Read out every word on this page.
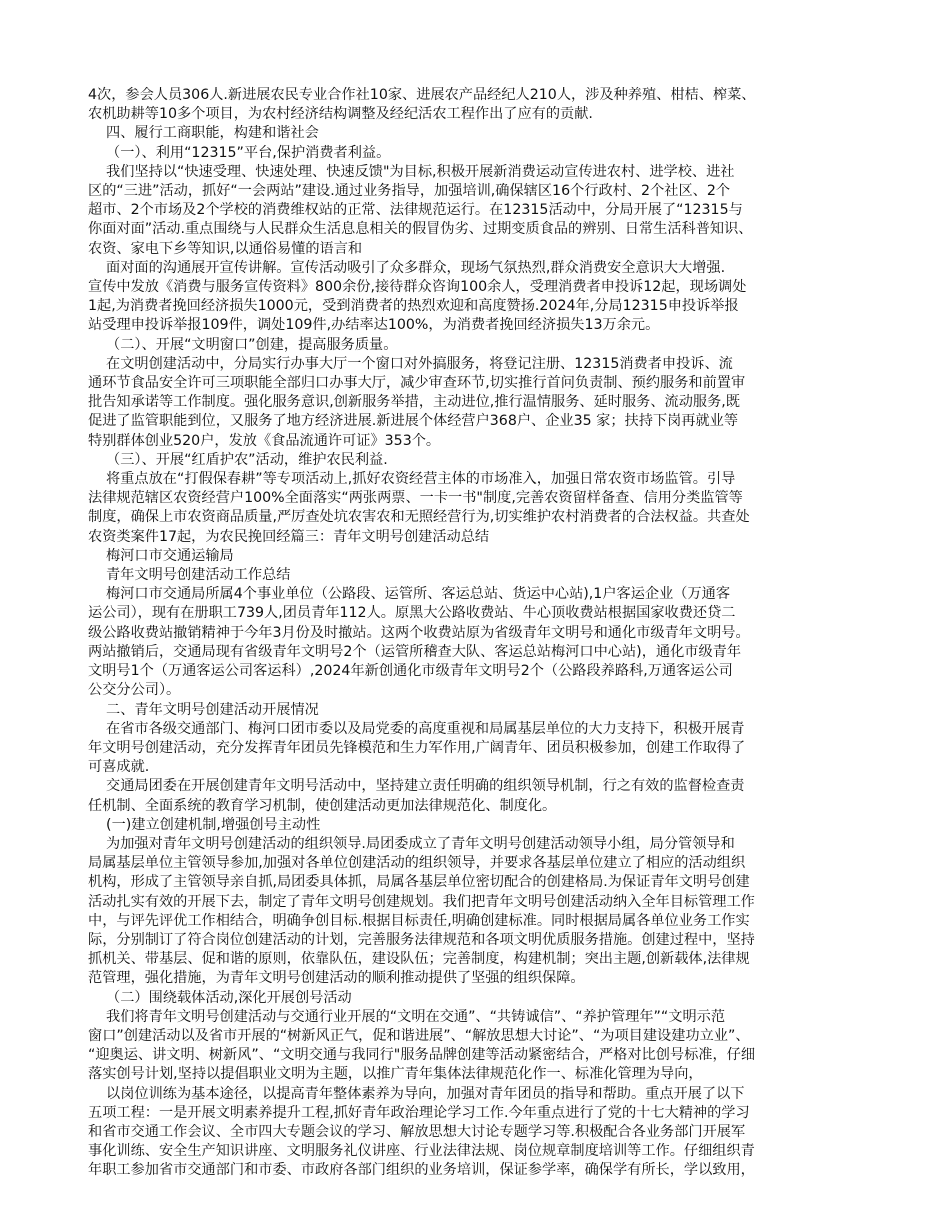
4次，参会人员306人.新进展农民专业合作社10家、进展农产品经纪人210人，涉及种养殖、柑桔、榨菜、

农机助耕等10多个项目，为农村经济结构调整及经纪活农工程作出了应有的贡献.

四、履行工商职能，构建和谐社会

（一）、利用“12315”平台,保护消费者利益。

我们坚持以“快速受理、快速处理、快速反馈"为目标,积极开展新消费运动宣传进农村、进学校、进社

区的“三进”活动，抓好“一会两站”建设.通过业务指导，加强培训,确保辖区16个行政村、2个社区、2个

超市、2个市场及2个学校的消费维权站的正常、法律规范运行。在12315活动中，分局开展了“12315与

你面对面”活动.重点围绕与人民群众生活息息相关的假冒伪劣、过期变质食品的辨别、日常生活科普知识、

农资、家电下乡等知识,以通俗易懂的语言和

面对面的沟通展开宣传讲解。宣传活动吸引了众多群众，现场气氛热烈,群众消费安全意识大大增强.

宣传中发放《消费与服务宣传资料》800余份,接待群众咨询100余人，受理消费者申投诉12起，现场调处

1起,为消费者挽回经济损失1000元，受到消费者的热烈欢迎和高度赞扬.2024年,分局12315申投诉举报

站受理申投诉举报109件，调处109件,办结率达100%，为消费者挽回经济损失13万余元。

（二）、开展“文明窗口”创建，提高服务质量。

在文明创建活动中，分局实行办事大厅一个窗口对外搞服务，将登记注册、12315消费者申投诉、流

通环节食品安全许可三项职能全部归口办事大厅，减少审查环节,切实推行首问负责制、预约服务和前置审

批告知承诺等工作制度。强化服务意识,创新服务举措，主动进位,推行温情服务、延时服务、流动服务,既

促进了监管职能到位，又服务了地方经济进展.新进展个体经营户368户、企业35 家；扶持下岗再就业等

特别群体创业520户，发放《食品流通许可证》353个。

（三）、开展“红盾护农”活动，维护农民利益.

将重点放在“打假保春耕”等专项活动上,抓好农资经营主体的市场准入，加强日常农资市场监管。引导

法律规范辖区农资经营户100%全面落实“两张两票、一卡一书"制度,完善农资留样备查、信用分类监管等

制度，确保上市农资商品质量,严厉查处坑农害农和无照经营行为,切实维护农村消费者的合法权益。共查处

农资类案件17起，为农民挽回经篇三：青年文明号创建活动总结

梅河口市交通运输局

青年文明号创建活动工作总结

梅河口市交通局所属4个事业单位（公路段、运管所、客运总站、货运中心站),1户客运企业（万通客

运公司），现有在册职工739人,团员青年112人。原黑大公路收费站、牛心顶收费站根据国家收费还贷二

级公路收费站撤销精神于今年3月份及时撤站。这两个收费站原为省级青年文明号和通化市级青年文明号。

两站撤销后，交通局现有省级青年文明号2个（运管所稽查大队、客运总站梅河口中心站)，通化市级青年

文明号1个（万通客运公司客运科）,2024年新创通化市级青年文明号2个（公路段养路科,万通客运公司

公交分公司）。

二、青年文明号创建活动开展情况

在省市各级交通部门、梅河口团市委以及局党委的高度重视和局属基层单位的大力支持下，积极开展青

年文明号创建活动，充分发挥青年团员先锋模范和生力军作用,广阔青年、团员积极参加，创建工作取得了

可喜成就.

交通局团委在开展创建青年文明号活动中，坚持建立责任明确的组织领导机制，行之有效的监督检查责

任机制、全面系统的教育学习机制，使创建活动更加法律规范化、制度化。

(一)建立创建机制,增强创号主动性

为加强对青年文明号创建活动的组织领导.局团委成立了青年文明号创建活动领导小组，局分管领导和

局属基层单位主管领导参加,加强对各单位创建活动的组织领导，并要求各基层单位建立了相应的活动组织

机构，形成了主管领导亲自抓,局团委具体抓，局属各基层单位密切配合的创建格局.为保证青年文明号创建

活动扎实有效的开展下去，制定了青年文明号创建规划。我们把青年文明号创建活动纳入全年目标管理工作

中，与评先评优工作相结合，明确争创目标.根据目标责任,明确创建标准。同时根据局属各单位业务工作实

际，分别制订了符合岗位创建活动的计划，完善服务法律规范和各项文明优质服务措施。创建过程中，坚持

抓机关、带基层、促和谐的原则，依靠队伍，建设队伍；完善制度，构建机制；突出主题,创新载体,法律规

范管理，强化措施，为青年文明号创建活动的顺利推动提供了坚强的组织保障。

（二）围绕载体活动,深化开展创号活动

我们将青年文明号创建活动与交通行业开展的“文明在交通”、“共铸诚信”、“养护管理年”“文明示范

窗口”创建活动以及省市开展的“树新风正气，促和谐进展”、“解放思想大讨论”、“为项目建设建功立业”、

“迎奥运、讲文明、树新风”、“文明交通与我同行"服务品牌创建等活动紧密结合，严格对比创号标准，仔细

落实创号计划,坚持以提倡职业文明为主题，以推广青年集体法律规范化作一、标准化管理为导向，

以岗位训练为基本途径，以提高青年整体素养为导向，加强对青年团员的指导和帮助。重点开展了以下

五项工程：一是开展文明素养提升工程,抓好青年政治理论学习工作.今年重点进行了党的十七大精神的学习

和省市交通工作会议、全市四大专题会议的学习、解放思想大讨论专题学习等.积极配合各业务部门开展军

事化训练、安全生产知识讲座、文明服务礼仪讲座、行业法律法规、岗位规章制度培训等工作。仔细组织青

年职工参加省市交通部门和市委、市政府各部门组织的业务培训，保证参学率，确保学有所长，学以致用，
